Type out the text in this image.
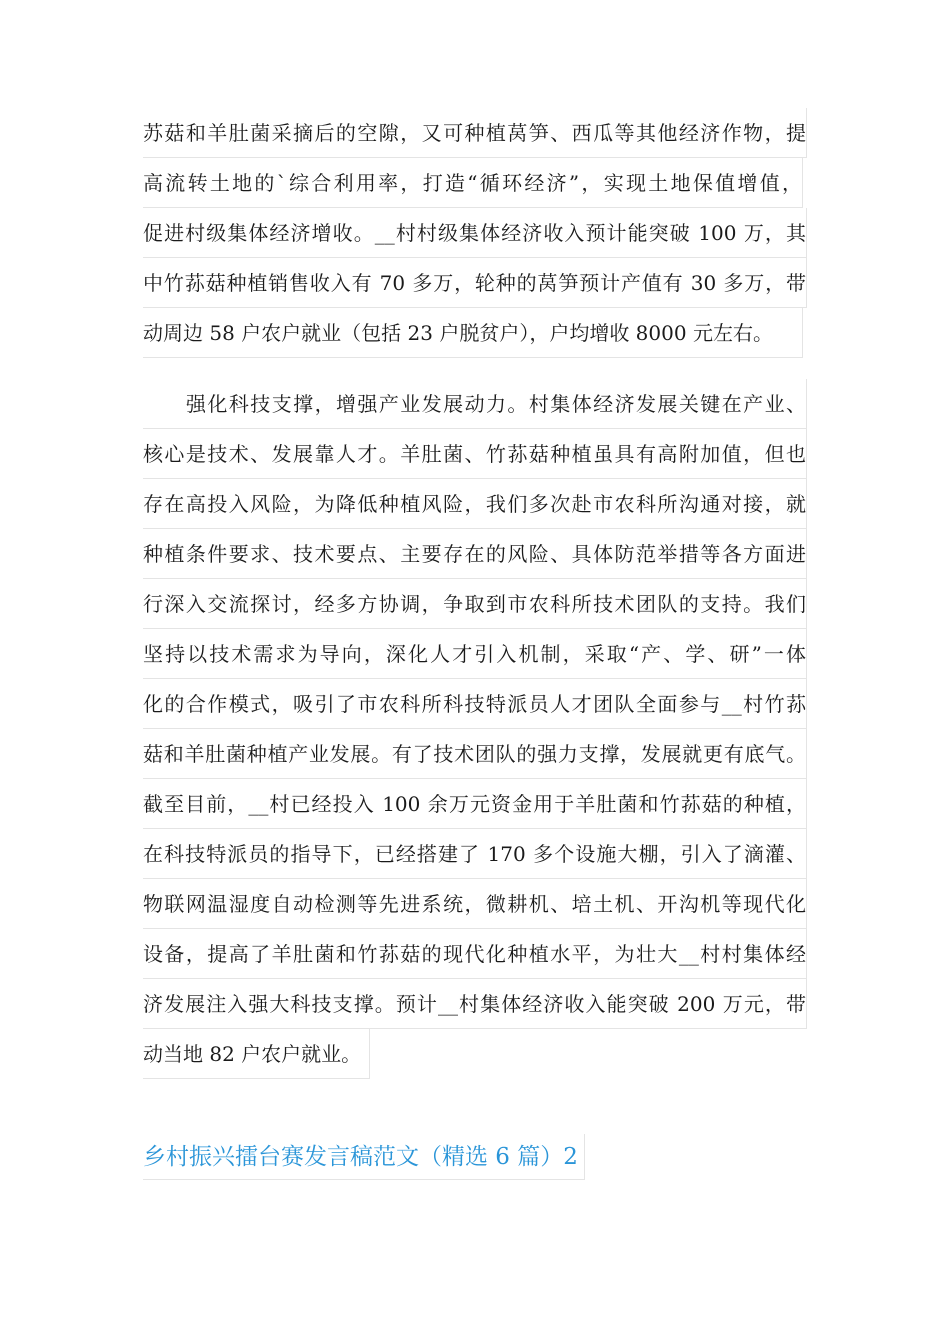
苏菇和羊肚菌采摘后的空隙，又可种植莴笋、西瓜等其他经济作物，提
高流转土地的`综合利用率，打造“循环经济”，实现土地保值增值，
促进村级集体经济增收。__村村级集体经济收入预计能突破 100 万，其
中竹荪菇种植销售收入有 70 多万，轮种的莴笋预计产值有 30 多万，带
动周边 58 户农户就业（包括 23 户脱贫户），户均增收 8000 元左右。
强化科技支撑，增强产业发展动力。村集体经济发展关键在产业、
核心是技术、发展靠人才。羊肚菌、竹荪菇种植虽具有高附加值，但也
存在高投入风险，为降低种植风险，我们多次赴市农科所沟通对接，就
种植条件要求、技术要点、主要存在的风险、具体防范举措等各方面进
行深入交流探讨，经多方协调，争取到市农科所技术团队的支持。我们
坚持以技术需求为导向，深化人才引入机制，采取“产、学、研”一体
化的合作模式，吸引了市农科所科技特派员人才团队全面参与__村竹荪
菇和羊肚菌种植产业发展。有了技术团队的强力支撑，发展就更有底气。
截至目前，__村已经投入 100 余万元资金用于羊肚菌和竹荪菇的种植，
在科技特派员的指导下，已经搭建了 170 多个设施大棚，引入了滴灌、
物联网温湿度自动检测等先进系统，微耕机、培土机、开沟机等现代化
设备，提高了羊肚菌和竹荪菇的现代化种植水平，为壮大__村村集体经
济发展注入强大科技支撑。预计__村集体经济收入能突破 200 万元，带
动当地 82 户农户就业。
乡村振兴擂台赛发言稿范文（精选 6 篇）2
